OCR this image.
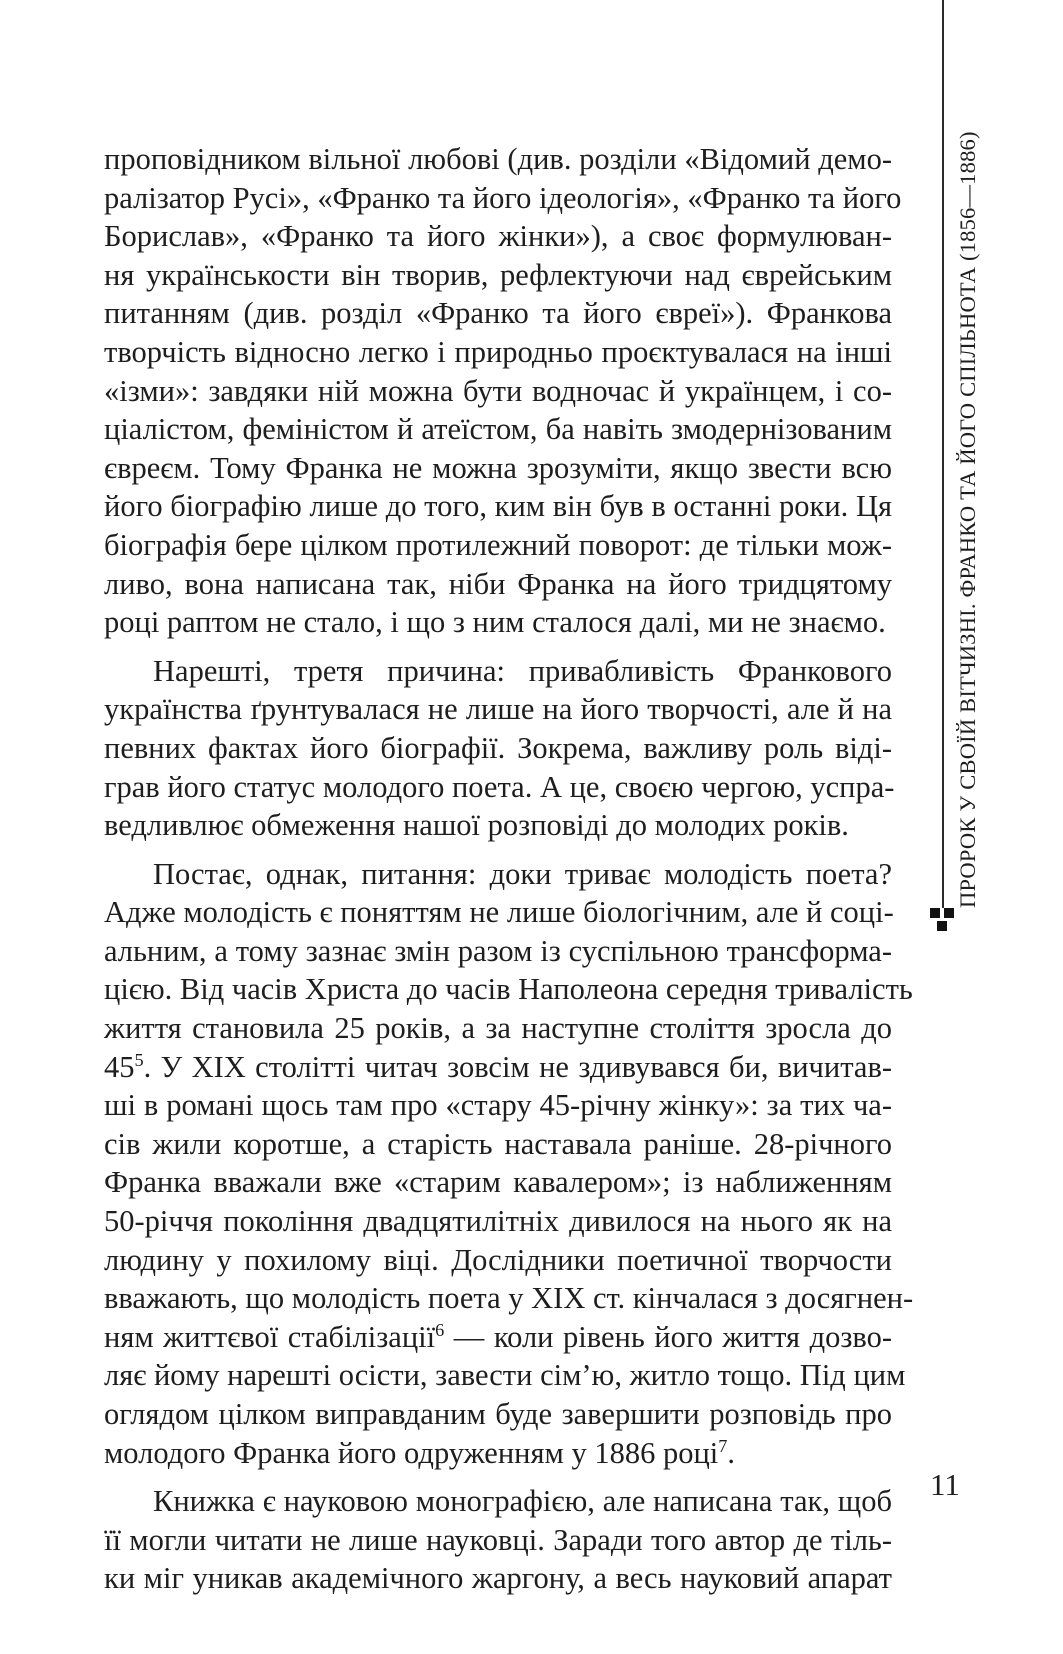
проповідником вільної любові (див. розділи «Відомий демо-
ралізатор Русі», «Франко та його ідеологія», «Франко та його
Борислав», «Франко та його жінки»), а своє формулюван-
ня українськости він творив, рефлектуючи над єврейським
питанням (див. розділ «Франко та його євреї»). Франкова
творчість відносно легко і природньо проєктувалася на інші
«ізми»: завдяки ній можна бути водночас й українцем, і со-
ціалістом, феміністом й атеїстом, ба навіть змодернізованим
євреєм. Тому Франка не можна зрозуміти, якщо звести всю
його біографію лише до того, ким він був в останні роки. Ця
біографія бере цілком протилежний поворот: де тільки мож-
ливо, вона написана так, ніби Франка на його тридцятому
році раптом не стало, і що з ним сталося далі, ми не знаємо.
Нарешті, третя причина: привабливість Франкового
українства ґрунтувалася не лише на його творчості, але й на
певних фактах його біографії. Зокрема, важливу роль віді-
грав його статус молодого поета. А це, своєю чергою, успра-
ведливлює обмеження нашої розповіді до молодих років.
Постає, однак, питання: доки триває молодість поета?
Адже молодість є поняттям не лише біологічним, але й соці-
альним, а тому зазнає змін разом із суспільною трансформа-
цією. Від часів Христа до часів Наполеона середня тривалість
життя становила 25 років, а за наступне століття зросла до
$45^5$. У ХІХ столітті читач зовсім не здивувався би, вичитав-
ші в романі щось там про «стару 45-річну жінку»: за тих ча-
сів жили коротше, а старість наставала раніше. 28-річного
Франка вважали вже «старим кавалером»; із наближенням
50-річчя покоління двадцятилітніх дивилося на нього як на
людину у похилому віці. Дослідники поетичної творчости
вважають, що молодість поета у ХІХ ст. кінчалася з досягнен-
ням життєвої стабілізації$^6$ — коли рівень його життя дозво-
ляє йому нарешті осісти, завести сім’ю, житло тощо. Під цим
оглядом цілком виправданим буде завершити розповідь про
молодого Франка його одруженням у 1886 році$^7$.
Книжка є науковою монографією, але написана так, щоб
її могли читати не лише науковці. Заради того автор де тіль-
ки міг уникав академічного жаргону, а весь науковий апарат
ПРОРОК У СВОЇЙ ВІТЧИЗНІ. ФРАНКО ТА ЙОГО СПІЛЬНОТА (1856—1886)
11
